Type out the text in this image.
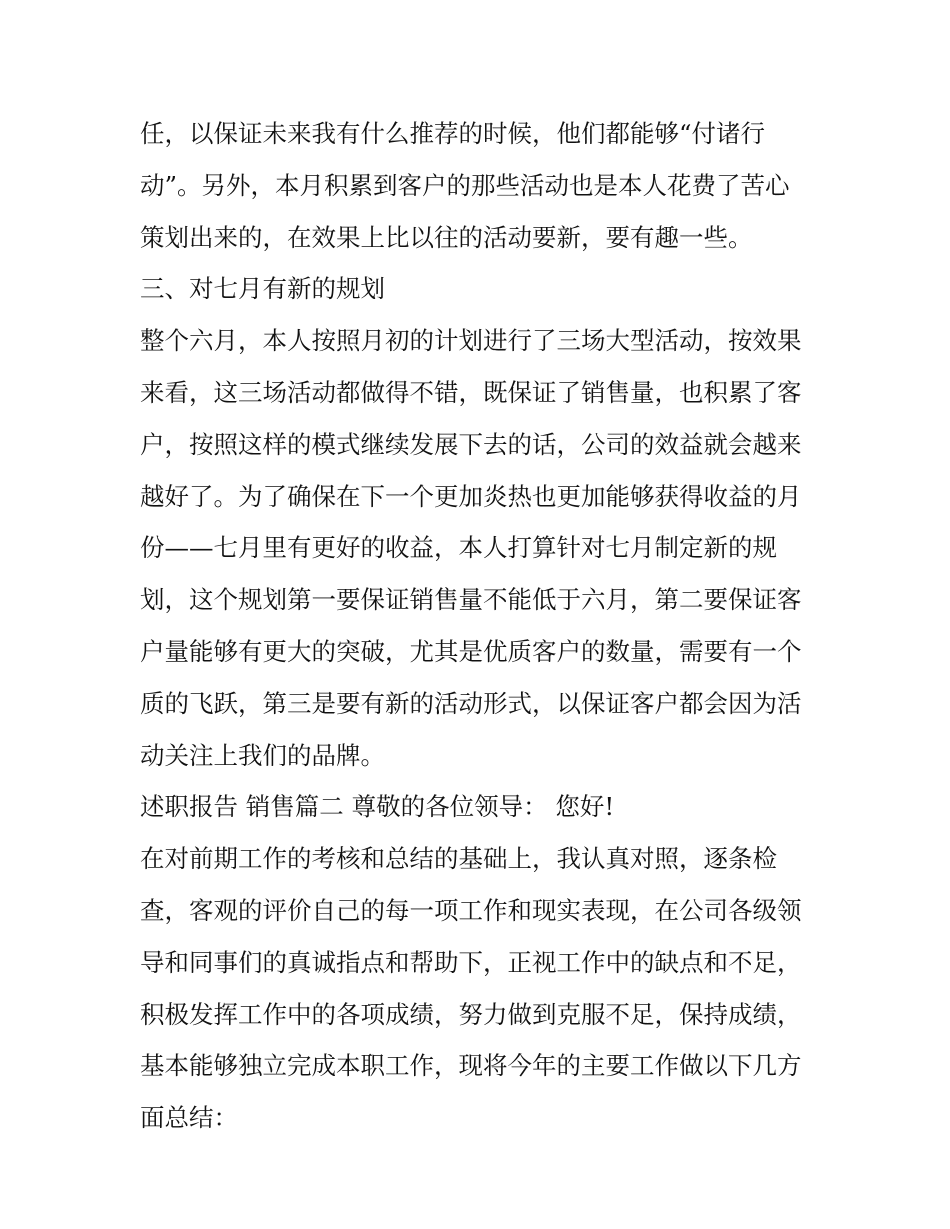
任，以保证未来我有什么推荐的时候，他们都能够“付诸行
动”。另外，本月积累到客户的那些活动也是本人花费了苦心
策划出来的，在效果上比以往的活动要新，要有趣一些。
三、对七月有新的规划
整个六月，本人按照月初的计划进行了三场大型活动，按效果
来看，这三场活动都做得不错，既保证了销售量，也积累了客
户，按照这样的模式继续发展下去的话，公司的效益就会越来
越好了。为了确保在下一个更加炎热也更加能够获得收益的月
份——七月里有更好的收益，本人打算针对七月制定新的规
划，这个规划第一要保证销售量不能低于六月，第二要保证客
户量能够有更大的突破，尤其是优质客户的数量，需要有一个
质的飞跃，第三是要有新的活动形式，以保证客户都会因为活
动关注上我们的品牌。
述职报告 销售篇二 尊敬的各位领导： 您好!
在对前期工作的考核和总结的基础上，我认真对照，逐条检
查，客观的评价自己的每一项工作和现实表现，在公司各级领
导和同事们的真诚指点和帮助下，正视工作中的缺点和不足，
积极发挥工作中的各项成绩，努力做到克服不足，保持成绩，
基本能够独立完成本职工作，现将今年的主要工作做以下几方
面总结：
